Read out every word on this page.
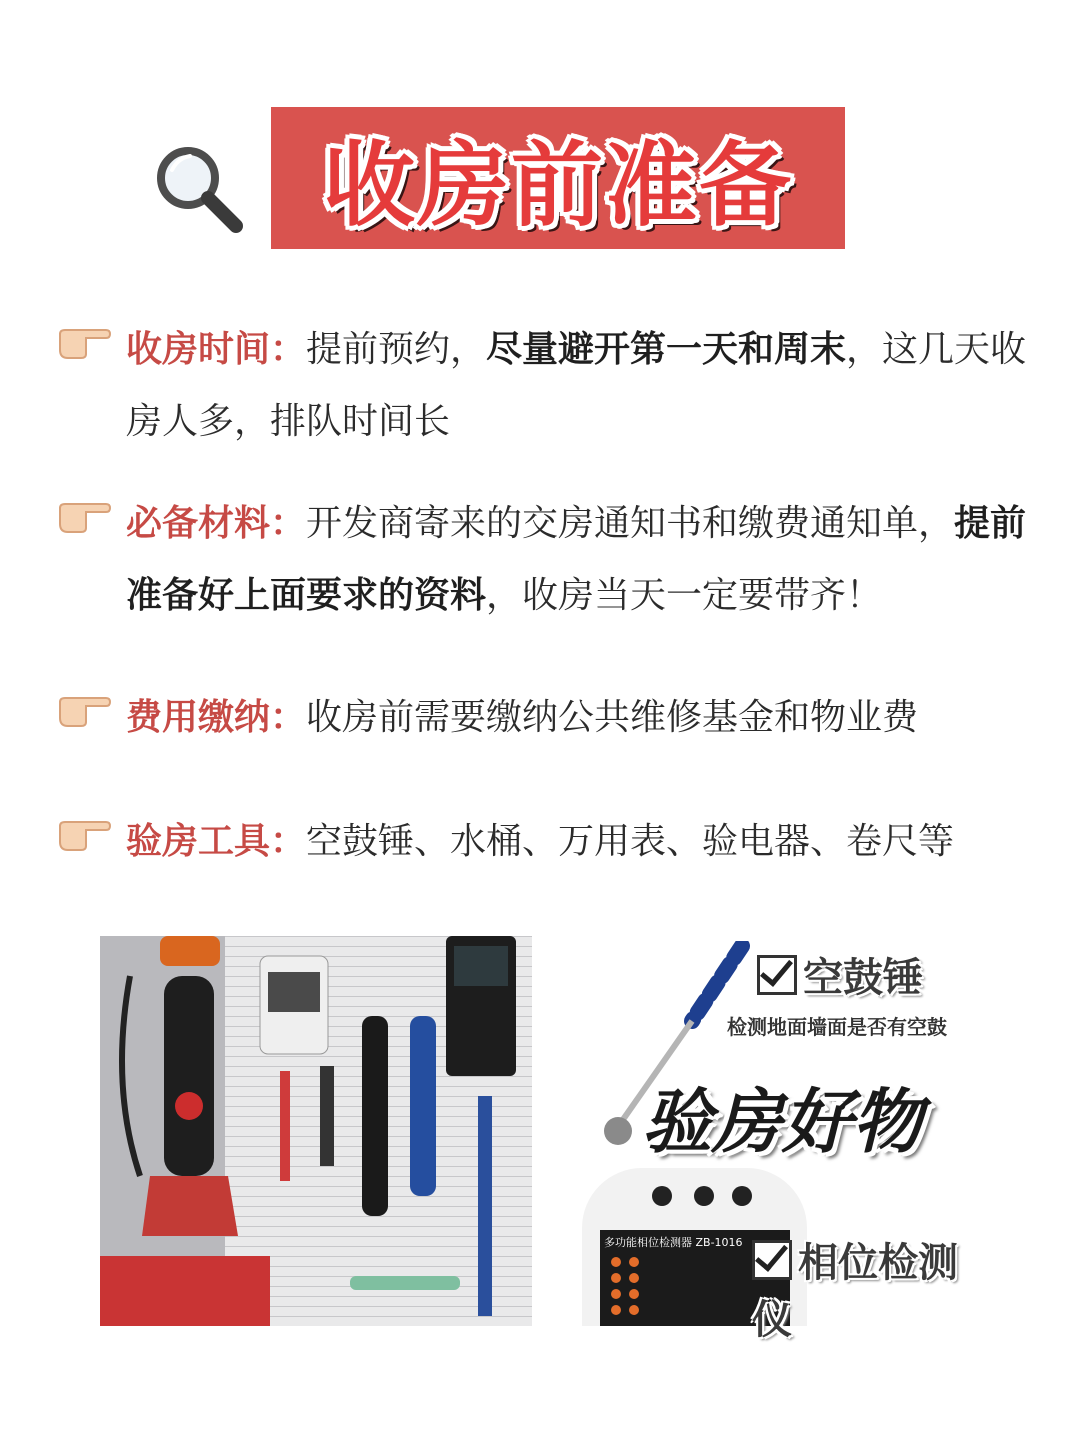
收房前准备
收房时间：提前预约，尽量避开第一天和周末，这几天收房人多，排队时间长
必备材料：开发商寄来的交房通知书和缴费通知单，提前准备好上面要求的资料，收房当天一定要带齐！
费用缴纳：收房前需要缴纳公共维修基金和物业费
验房工具：空鼓锤、水桶、万用表、验电器、卷尺等
空鼓锤
检测地面墙面是否有空鼓
验房好物
多功能相位检测器 ZB-1016	相位检测仪
